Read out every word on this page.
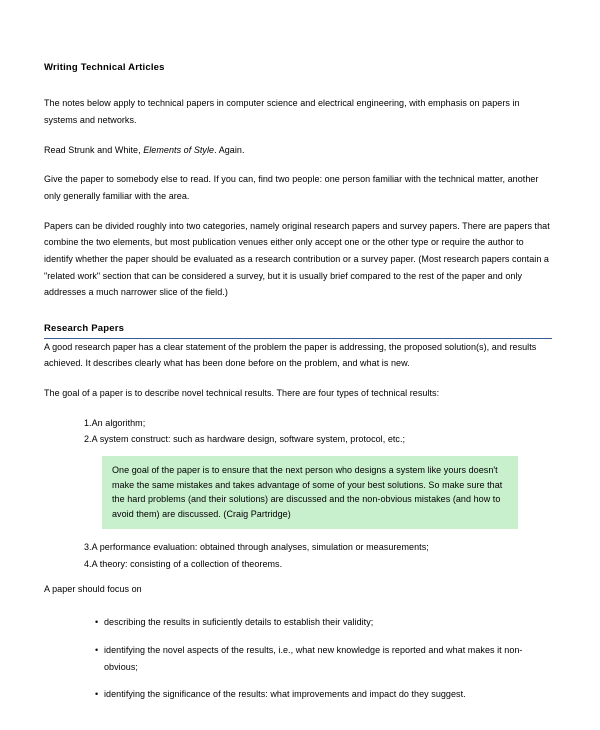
Writing Technical Articles

The notes below apply to technical papers in computer science and electrical engineering, with emphasis on papers in systems and networks.

Read Strunk and White, Elements of Style. Again.

Give the paper to somebody else to read. If you can, find two people: one person familiar with the technical matter, another only generally familiar with the area.

Papers can be divided roughly into two categories, namely original research papers and survey papers. There are papers that combine the two elements, but most publication venues either only accept one or the other type or require the author to identify whether the paper should be evaluated as a research contribution or a survey paper. (Most research papers contain a "related work" section that can be considered a survey, but it is usually brief compared to the rest of the paper and only addresses a much narrower slice of the field.)

Research Papers

A good research paper has a clear statement of the problem the paper is addressing, the proposed solution(s), and results achieved. It describes clearly what has been done before on the problem, and what is new.

The goal of a paper is to describe novel technical results. There are four types of technical results:

1.An algorithm;
2.A system construct: such as hardware design, software system, protocol, etc.;

One goal of the paper is to ensure that the next person who designs a system like yours doesn't make the same mistakes and takes advantage of some of your best solutions. So make sure that the hard problems (and their solutions) are discussed and the non-obvious mistakes (and how to avoid them) are discussed. (Craig Partridge)

3.A performance evaluation: obtained through analyses, simulation or measurements;
4.A theory: consisting of a collection of theorems.

A paper should focus on

• describing the results in suficiently details to establish their validity;
• identifying the novel aspects of the results, i.e., what new knowledge is reported and what makes it non-obvious;
• identifying the significance of the results: what improvements and impact do they suggest.
